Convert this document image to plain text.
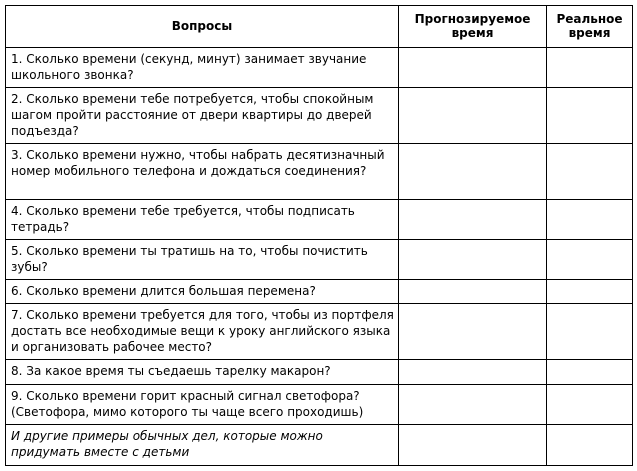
Вопросы	Прогнозируемое время	Реальное время
1. Сколько времени (секунд, минут) занимает звучание школьного звонка?		
2. Сколько времени тебе потребуется, чтобы спокойным шагом пройти расстояние от двери квартиры до дверей подъезда?		
3. Сколько времени нужно, чтобы набрать десятизначный номер мобильного телефона и дождаться соединения?		
4. Сколько времени тебе требуется, чтобы подписать тетрадь?		
5. Сколько времени ты тратишь на то, чтобы почистить зубы?		
6. Сколько времени длится большая перемена?		
7. Сколько времени требуется для того, чтобы из портфеля достать все необходимые вещи к уроку английского языка и организовать рабочее место?		
8. За какое время ты съедаешь тарелку макарон?		
9. Сколько времени горит красный сигнал светофора? (Светофора, мимо которого ты чаще всего проходишь)		
И другие примеры обычных дел, которые можно придумать вместе с детьми		
